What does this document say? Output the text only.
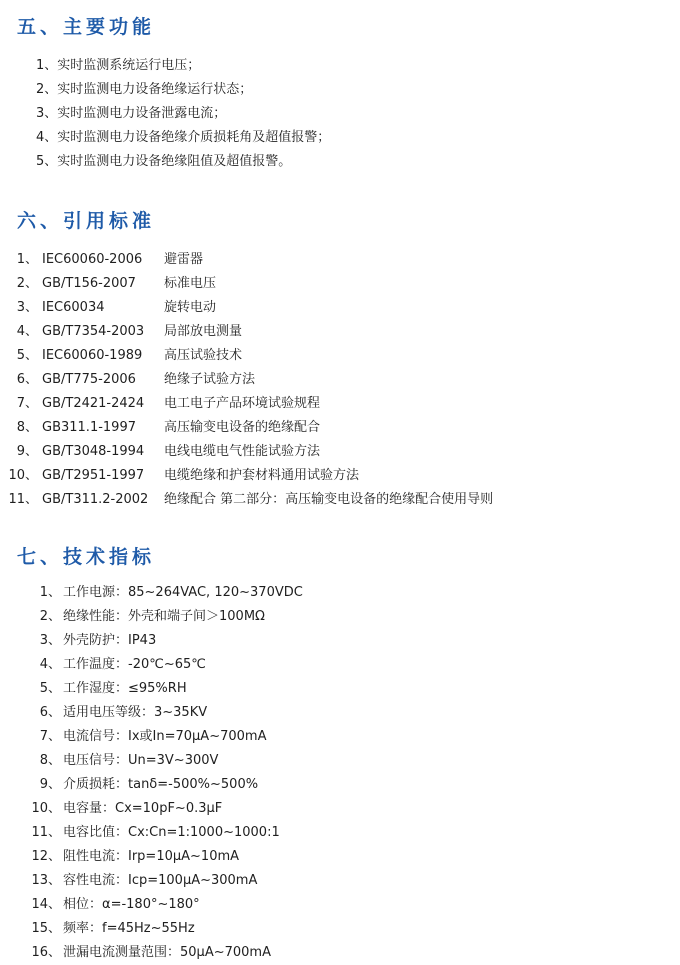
五、主要功能
1、实时监测系统运行电压；
2、实时监测电力设备绝缘运行状态；
3、实时监测电力设备泄露电流；
4、实时监测电力设备绝缘介质损耗角及超值报警；
5、实时监测电力设备绝缘阻值及超值报警。
六、引用标准
1、 IEC60060-2006 避雷器
2、 GB/T156-2007 标准电压
3、 IEC60034	旋转电动
4、 GB/T7354-2003 局部放电测量
5、 IEC60060-1989 高压试验技术
6、 GB/T775-2006 绝缘子试验方法
7、 GB/T2421-2424 电工电子产品环境试验规程
8、 GB311.1-1997 高压输变电设备的绝缘配合
9、 GB/T3048-1994 电线电缆电气性能试验方法
10、 GB/T2951-1997 电缆绝缘和护套材料通用试验方法
11、 GB/T311.2-2002 绝缘配合 第二部分：高压输变电设备的绝缘配合使用导则
七、技术指标
1、 工作电源：85~264VAC, 120~370VDC
2、 绝缘性能：外壳和端子间＞100MΩ
3、 外壳防护：IP43
4、 工作温度：-20℃~65℃
5、 工作湿度：≤95%RH
6、 适用电压等级：3~35KV
7、 电流信号：Ix或In=70μA~700mA
8、 电压信号：Un=3V~300V
9、 介质损耗：tanδ=-500%~500%
10、 电容量：Cx=10pF~0.3μF
11、 电容比值：Cx:Cn=1:1000~1000:1
12、 阻性电流：Irp=10μA~10mA
13、 容性电流：Icp=100μA~300mA
14、 相位：α=-180°~180°
15、 频率：f=45Hz~55Hz
16、 泄漏电流测量范围：50μA~700mA
